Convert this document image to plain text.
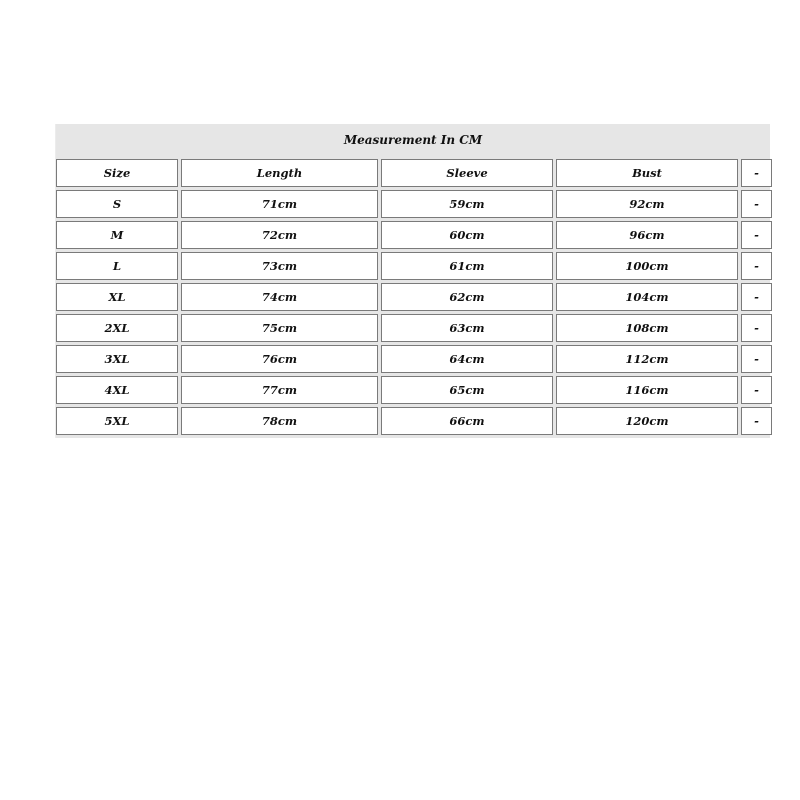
Measurement In CM
Size	Length	Sleeve	Bust	-
S	71cm	59cm	92cm	-
M	72cm	60cm	96cm	-
L	73cm	61cm	100cm	-
XL	74cm	62cm	104cm	-
2XL	75cm	63cm	108cm	-
3XL	76cm	64cm	112cm	-
4XL	77cm	65cm	116cm	-
5XL	78cm	66cm	120cm	-
